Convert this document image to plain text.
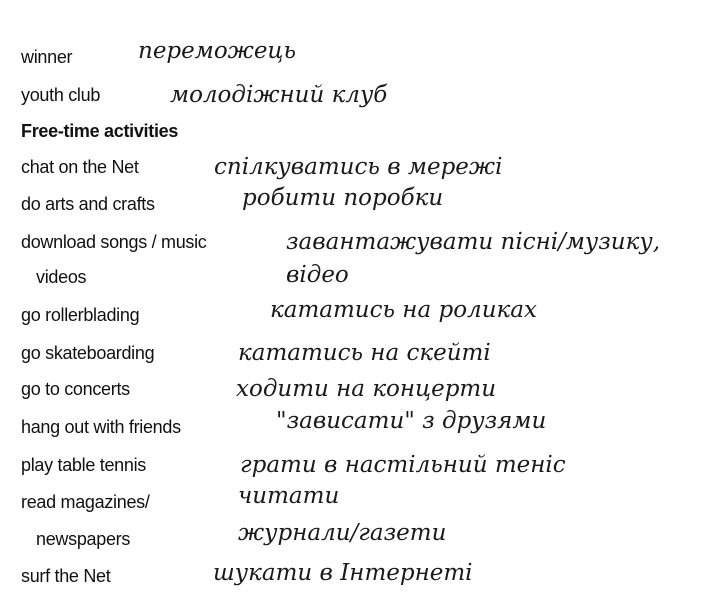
winner	переможець
youth club	молодіжний клуб
Free-time activities
chat on the Net	спілкуватись в мережі
do arts and crafts	робити поробки
download songs / music	завантажувати пісні/музику,
videos	відео
go rollerblading	кататись на роликах
go skateboarding	кататись на скейті
go to concerts	ходити на концерти
hang out with friends	"зависати" з друзями
play table tennis	грати в настільний теніс
read magazines/	читати
newspapers	журнали/газети
surf the Net	шукати в Інтернеті
